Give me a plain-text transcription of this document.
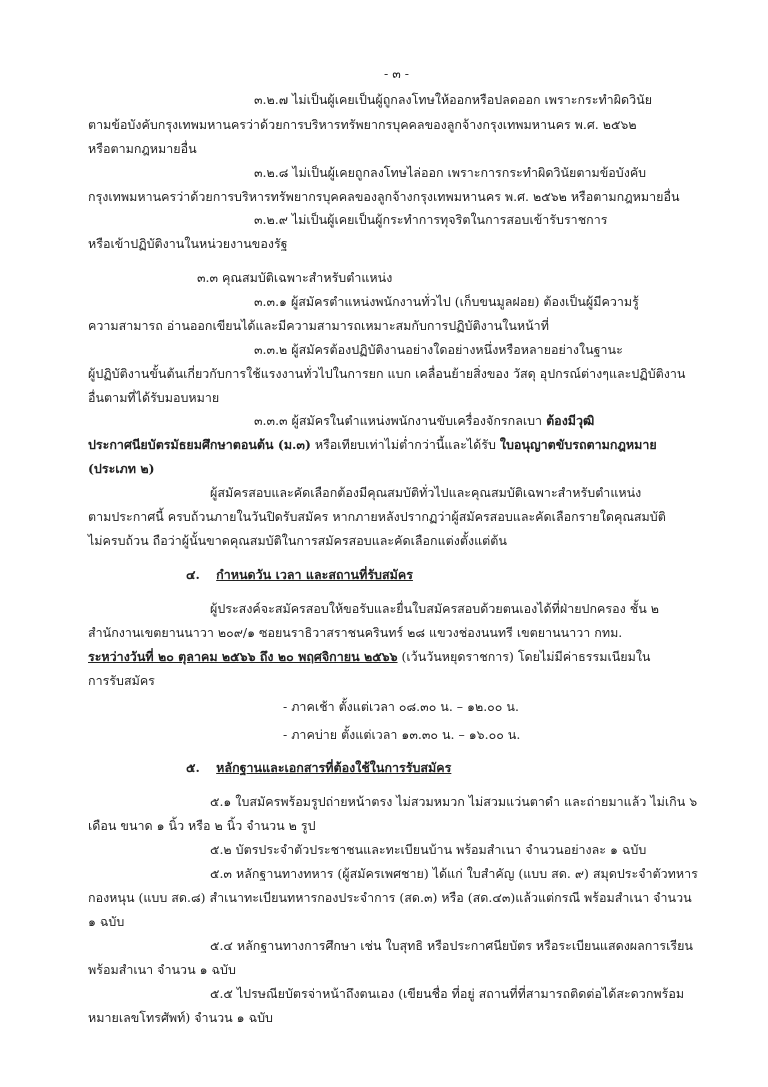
- ๓ -
๓.๒.๗ ไม่เป็นผู้เคยเป็นผู้ถูกลงโทษให้ออกหรือปลดออก เพราะกระทำผิดวินัย
ตามข้อบังคับกรุงเทพมหานครว่าด้วยการบริหารทรัพยากรบุคคลของลูกจ้างกรุงเทพมหานคร พ.ศ. ๒๕๖๒
หรือตามกฎหมายอื่น
๓.๒.๘ ไม่เป็นผู้เคยถูกลงโทษไล่ออก เพราะการกระทำผิดวินัยตามข้อบังคับ
กรุงเทพมหานครว่าด้วยการบริหารทรัพยากรบุคคลของลูกจ้างกรุงเทพมหานคร พ.ศ. ๒๕๖๒ หรือตามกฎหมายอื่น
๓.๒.๙ ไม่เป็นผู้เคยเป็นผู้กระทำการทุจริตในการสอบเข้ารับราชการ
หรือเข้าปฏิบัติงานในหน่วยงานของรัฐ
๓.๓ คุณสมบัติเฉพาะสำหรับตำแหน่ง
๓.๓.๑ ผู้สมัครตำแหน่งพนักงานทั่วไป (เก็บขนมูลฝอย) ต้องเป็นผู้มีความรู้
ความสามารถ อ่านออกเขียนได้และมีความสามารถเหมาะสมกับการปฏิบัติงานในหน้าที่
๓.๓.๒ ผู้สมัครต้องปฏิบัติงานอย่างใดอย่างหนึ่งหรือหลายอย่างในฐานะ
ผู้ปฏิบัติงานขั้นต้นเกี่ยวกับการใช้แรงงานทั่วไปในการยก แบก เคลื่อนย้ายสิ่งของ วัสดุ อุปกรณ์ต่างๆและปฏิบัติงาน
อื่นตามที่ได้รับมอบหมาย
๓.๓.๓ ผู้สมัครในตำแหน่งพนักงานขับเครื่องจักรกลเบา ต้องมีวุฒิ
ประกาศนียบัตรมัธยมศึกษาตอนต้น (ม.๓) หรือเทียบเท่าไม่ต่ำกว่านี้และได้รับ ใบอนุญาตขับรถตามกฎหมาย
(ประเภท ๒)
ผู้สมัครสอบและคัดเลือกต้องมีคุณสมบัติทั่วไปและคุณสมบัติเฉพาะสำหรับตำแหน่ง
ตามประกาศนี้ ครบถ้วนภายในวันปิดรับสมัคร หากภายหลังปรากฏว่าผู้สมัครสอบและคัดเลือกรายใดคุณสมบัติ
ไม่ครบถ้วน ถือว่าผู้นั้นขาดคุณสมบัติในการสมัครสอบและคัดเลือกแต่งตั้งแต่ต้น
๔. กำหนดวัน เวลา และสถานที่รับสมัคร
ผู้ประสงค์จะสมัครสอบให้ขอรับและยื่นใบสมัครสอบด้วยตนเองได้ที่ฝ่ายปกครอง ชั้น ๒
สำนักงานเขตยานนาวา ๒๐๙/๑ ซอยนราธิวาสราชนครินทร์ ๒๘ แขวงช่องนนทรี เขตยานนาวา กทม.
ระหว่างวันที่ ๒๐ ตุลาคม ๒๕๖๖ ถึง ๒๐ พฤศจิกายน ๒๕๖๖ (เว้นวันหยุดราชการ) โดยไม่มีค่าธรรมเนียมใน
การรับสมัคร
- ภาคเช้า ตั้งแต่เวลา ๐๘.๓๐ น. – ๑๒.๐๐ น.
- ภาคบ่าย ตั้งแต่เวลา ๑๓.๓๐ น. – ๑๖.๐๐ น.
๕. หลักฐานและเอกสารที่ต้องใช้ในการรับสมัคร
๕.๑ ใบสมัครพร้อมรูปถ่ายหน้าตรง ไม่สวมหมวก ไม่สวมแว่นตาดำ และถ่ายมาแล้ว ไม่เกิน ๖
เดือน ขนาด ๑ นิ้ว หรือ ๒ นิ้ว จำนวน ๒ รูป
๕.๒ บัตรประจำตัวประชาชนและทะเบียนบ้าน พร้อมสำเนา จำนวนอย่างละ ๑ ฉบับ
๕.๓ หลักฐานทางทหาร (ผู้สมัครเพศชาย) ได้แก่ ใบสำคัญ (แบบ สด. ๙) สมุดประจำตัวทหาร
กองหนุน (แบบ สด.๘) สำเนาทะเบียนทหารกองประจำการ (สด.๓) หรือ (สด.๔๓)แล้วแต่กรณี พร้อมสำเนา จำนวน
๑ ฉบับ
๕.๔ หลักฐานทางการศึกษา เช่น ใบสุทธิ หรือประกาศนียบัตร หรือระเบียนแสดงผลการเรียน
พร้อมสำเนา จำนวน ๑ ฉบับ
๕.๕ ไปรษณียบัตรจ่าหน้าถึงตนเอง (เขียนชื่อ ที่อยู่ สถานที่ที่สามารถติดต่อได้สะดวกพร้อม
หมายเลขโทรศัพท์) จำนวน ๑ ฉบับ
